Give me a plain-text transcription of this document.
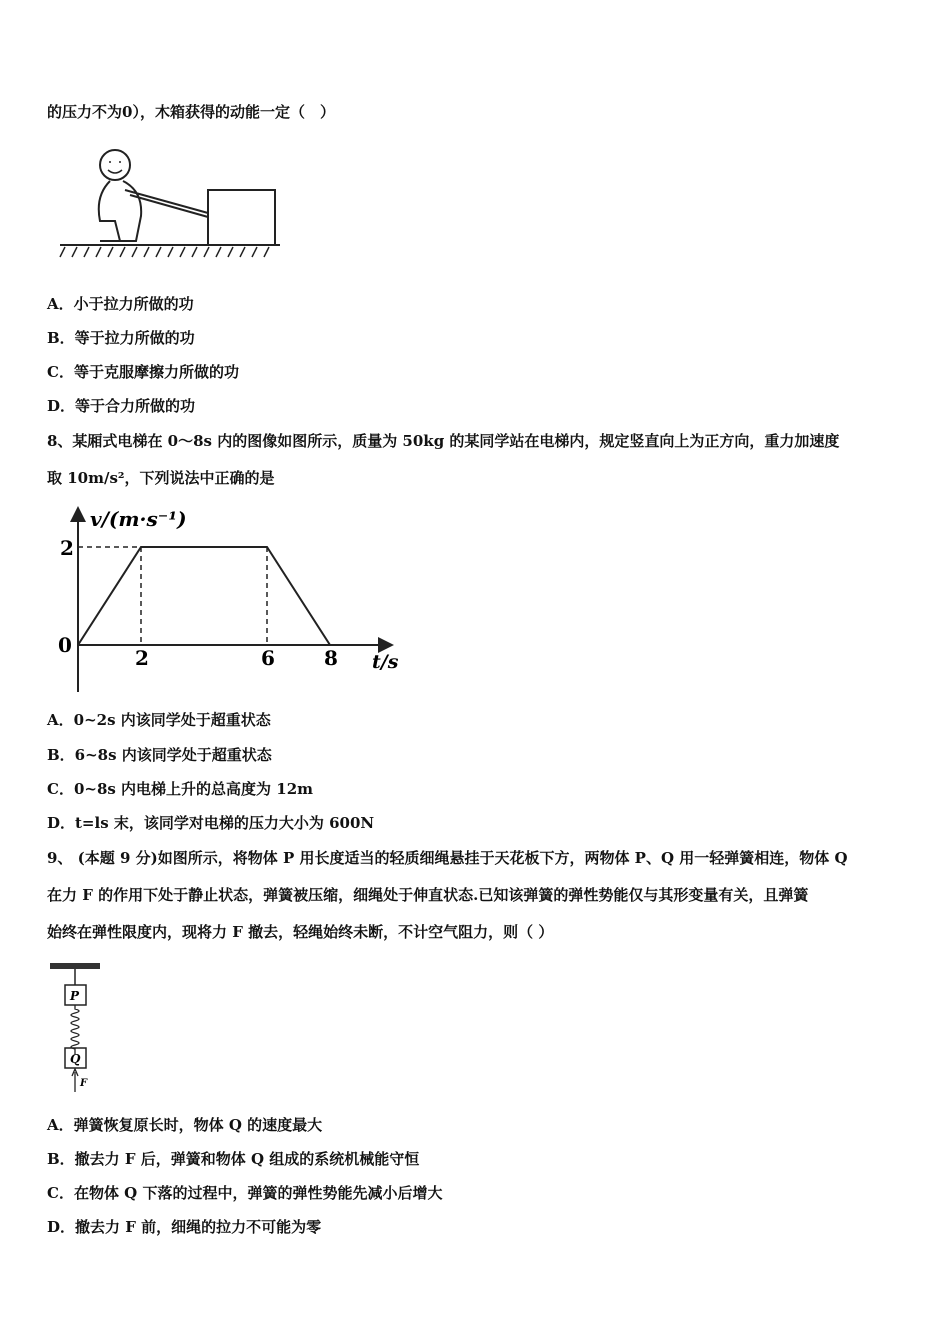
的压力不为0），木箱获得的动能一定（　）
A．小于拉力所做的功
B．等于拉力所做的功
C．等于克服摩擦力所做的功
D．等于合力所做的功
8、某厢式电梯在 0～8s 内的图像如图所示，质量为 50kg 的某同学站在电梯内，规定竖直向上为正方向，重力加速度
取 10m/s²，下列说法中正确的是
v/(m·s⁻¹)
t/s
0
2	6 8
2
A．0~2s 内该同学处于超重状态
B．6~8s 内该同学处于超重状态
C．0~8s 内电梯上升的总高度为 12m
D．t=ls 末，该同学对电梯的压力大小为 600N
9、 (本题 9 分)如图所示，将物体 P 用长度适当的轻质细绳悬挂于天花板下方，两物体 P、Q 用一轻弹簧相连，物体 Q
在力 F 的作用下处于静止状态，弹簧被压缩，细绳处于伸直状态.已知该弹簧的弹性势能仅与其形变量有关，且弹簧
始终在弹性限度内，现将力 F 撤去，轻绳始终未断，不计空气阻力，则（ ）
P
Q
F
A．弹簧恢复原长时，物体 Q 的速度最大
B．撤去力 F 后，弹簧和物体 Q 组成的系统机械能守恒
C．在物体 Q 下落的过程中，弹簧的弹性势能先减小后增大
D．撤去力 F 前，细绳的拉力不可能为零
